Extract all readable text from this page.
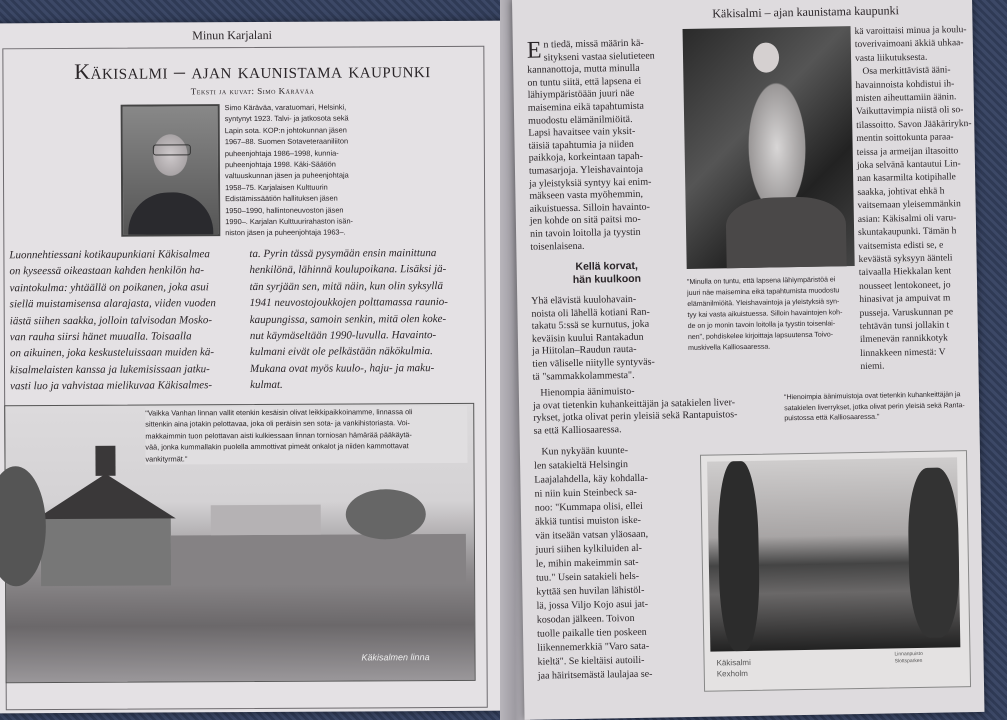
Minun Karjalani
Käkisalmi – ajan kaunistama kaupunki
Teksti ja kuvat: Simo Käräväa
Simo Käräväa, varatuomari, Helsinki,
syntynyt 1923. Talvi- ja jatkosota sekä
Lapin sota. KOP:n johtokunnan jäsen
1967–88. Suomen Sotaveteraaniliiton
puheenjohtaja 1986–1998, kunnia-
puheenjohtaja 1998. Käki-Säätiön
valtuuskunnan jäsen ja puheenjohtaja
1958–75. Karjalaisen Kulttuurin
Edistämissäätiön hallituksen jäsen
1950–1990, hallintoneuvoston jäsen
1990–. Karjalan Kulttuurirahaston isän-
niston jäsen ja puheenjohtaja 1963–.
Luonnehtiessani kotikaupunkiani Käkisalmea
on kyseessä oikeastaan kahden henkilön ha-
vaintokulma: yhtäällä on poikanen, joka asui
siellä muistamisensa alarajasta, viiden vuoden
iästä siihen saakka, jolloin talvisodan Mosko-
van rauha siirsi hänet muualla. Toisaalla
on aikuinen, joka keskusteluissaan muiden kä-
kisalmelaisten kanssa ja lukemisissaan jatku-
vasti luo ja vahvistaa mielikuvaa Käkisalmes-
ta. Pyrin tässä pysymään ensin mainittuna
henkilönä, lähinnä koulupoikana. Lisäksi jä-
tän syrjään sen, mitä näin, kun olin syksyllä
1941 neuvostojoukkojen polttamassa raunio-
kaupungissa, samoin senkin, mitä olen koke-
nut käymäseltään 1990-luvulla. Havainto-
kulmani eivät ole pelkästään näkökulmia.
Mukana ovat myös kuulo-, haju- ja maku-
kulmat.
"Vaikka Vanhan linnan vallit etenkin kesäisin olivat leikkipaikkoinamme, linnassa oli
sittenkin aina jotakin pelottavaa, joka oli peräisin sen sota- ja vankihistoriasta. Voi-
makkaimmin tuon pelottavan aisti kulkiessaan linnan torniosan hämärää pääkäytä-
vää, jonka kummallakin puolella ammottivat pimeät onkalot ja niiden kammottavat
vankityrmät."
Käkisalmen linna
Käkisalmi – ajan kaunistama kaupunki
En tiedä, missä määrin kä-
sitykseni vastaa sielutieteen
kannanottoja, mutta minulla
on tuntu siitä, että lapsena ei
lähiympäristöään juuri näe
maisemina eikä tapahtumista
muodostu elämänilmiöitä.
Lapsi havaitsee vain yksit-
täisiä tapahtumia ja niiden
paikkoja, korkeintaan tapah-
tumasarjoja. Yleishavaintoja
ja yleistyksiä syntyy kai enim-
mäkseen vasta myöhemmin,
aikuistuessa. Silloin havainto-
jen kohde on sitä paitsi mo-
nin tavoin loitolla ja tyystin
toisenlaisena.
Kellä korvat,
hän kuulkoon
Yhä elävistä kuulohavain-
noista oli lähellä kotiani Ran-
takatu 5:ssä se kurnutus, joka
keväisin kuului Rantakadun
ja Hiitolan–Raudun rauta-
tien väliselle niitylle syntyväs-
tä "sammakkolammesta".
Hienompia äänimuisto-
ja ovat tietenkin kuhankeittäjän ja satakielen liver-
rykset, jotka olivat perin yleisiä sekä Rantapuistos-
sa että Kalliosaaressa.
Kun nykyään kuunte-
len satakieltä Helsingin
Laajalahdella, käy kohdalla-
ni niin kuin Steinbeck sa-
noo: "Kummapa olisi, ellei
äkkiä tuntisi muiston iske-
vän itseään vatsan yläosaan,
juuri siihen kylkiluiden al-
le, mihin makeimmin sat-
tuu." Usein satakieli hels-
kyttää sen huvilan lähistöl-
lä, jossa Viljo Kojo asui jat-
kosodan jälkeen. Toivon
tuolle paikalle tien poskeen
liikennemerkkiä "Varo sata-
kieltä". Se kieltäisi autoili-
jaa häiritsemästä laulajaa se-
"Minulla on tuntu, että lapsena lähiympäristöä ei
juuri näe maisemina eikä tapahtumista muodostu
elämänilmiöitä. Yleishavaintoja ja yleistyksiä syn-
tyy kai vasta aikuistuessa. Silloin havaintojen koh-
de on jo monin tavoin loitolla ja tyystin toisenlai-
nen", pohdiskelee kirjoittaja lapsuutensa Toivo-
muskivella Kalliosaaressa.
"Hienoimpia äänimuistoja ovat tietenkin kuhankeittäjän ja
satakielen liverrykset, jotka olivat perin yleisiä sekä Ranta-
puistossa että Kalliosaaressa."
Käkisalmi
Kexholm
Linnanpuisto
Slottsparken
kä varoittaisi minua ja koulu-
toverivaimoani äkkiä uhkaa-
vasta liikutuksesta.
Osa merkittävistä ääni-
havainnoista kohdistui ih-
misten aiheuttamiin äänin.
Vaikuttavimpia niistä oli so-
tilassoitto. Savon Jääkärirykn-
mentin soittokunta paraa-
teissa ja armeijan iltasoitto
joka selvänä kantautui Lin-
nan kasarmilta kotipihalle
saakka, johtivat ehkä h
vaitsemaan yleisemmänkin
asian: Käkisalmi oli varu-
skuntakaupunki. Tämän h
vaitsemista edisti se, e
keväästä syksyyn äänteli
taivaalla Hiekkalan kent
nousseet lentokoneet, jo
hinasivat ja ampuivat m
pusseja. Varuskunnan pe
tehtävän tunsi jollakin t
ilmenevän rannikkotyk
linnakkeen nimestä: V
niemi.
